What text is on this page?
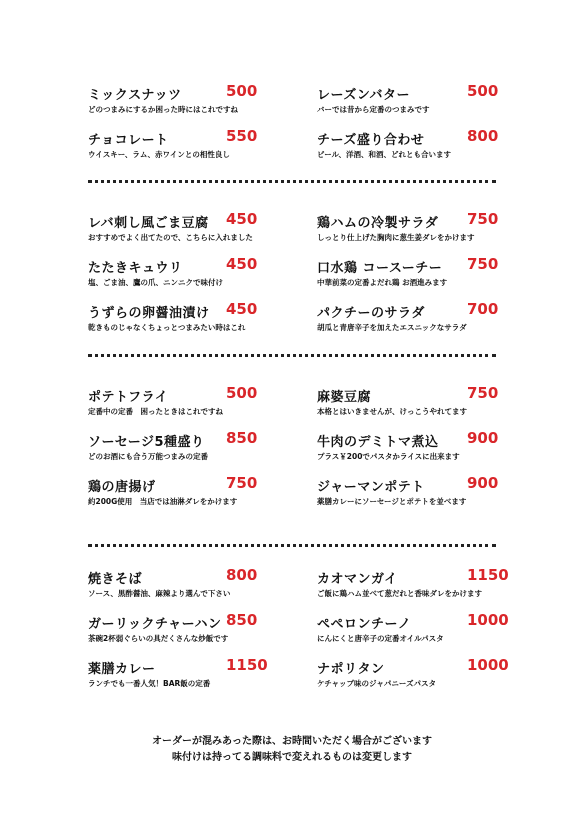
ミックスナッツ	500
どのつまみにするか困った時にはこれですね
チョコレート	550
ウイスキー、ラム、赤ワインとの相性良し
レーズンバター	500
バーでは昔から定番のつまみです
チーズ盛り合わせ	800
ビール、洋酒、和酒、どれとも合います
レバ刺し風ごま豆腐 450
おすすめでよく出てたので、こちらに入れました
たたきキュウリ	450
塩、ごま油、鷹の爪、ニンニクで味付け
うずらの卵醤油漬け 450
乾きものじゃなくちょっとつまみたい時はこれ
鶏ハムの冷製サラダ 750
しっとり仕上げた胸肉に葱生姜ダレをかけます
口水鶏 コースーチー 750
中華前菜の定番よだれ鶏 お酒進みます
パクチーのサラダ	700
胡瓜と青唐辛子を加えたエスニックなサラダ
ポテトフライ	500
定番中の定番　困ったときはこれですね
ソーセージ5種盛り 850
どのお酒にも合う万能つまみの定番
鶏の唐揚げ	750
約200G使用　当店では油淋ダレをかけます
麻婆豆腐	750
本格とはいきませんが、けっこうやれてます
牛肉のデミトマ煮込 900
プラス￥200でパスタかライスに出来ます
ジャーマンポテト	900
薬膳カレーにソーセージとポテトを並べます
焼きそば	800
ソース、黒酢醤油、麻辣より選んで下さい
ガーリックチャーハン 850
茶碗2杯弱ぐらいの具だくさんな炒飯です
薬膳カレー	1150
ランチでも一番人気！BAR飯の定番
カオマンガイ	1150
ご飯に鶏ハム並べて葱だれと香味ダレをかけます
ペペロンチーノ	1000
にんにくと唐辛子の定番オイルパスタ
ナポリタン	1000
ケチャップ味のジャパニーズパスタ
オーダーが混みあった際は、お時間いただく場合がございます
味付けは持ってる調味料で変えれるものは変更します
